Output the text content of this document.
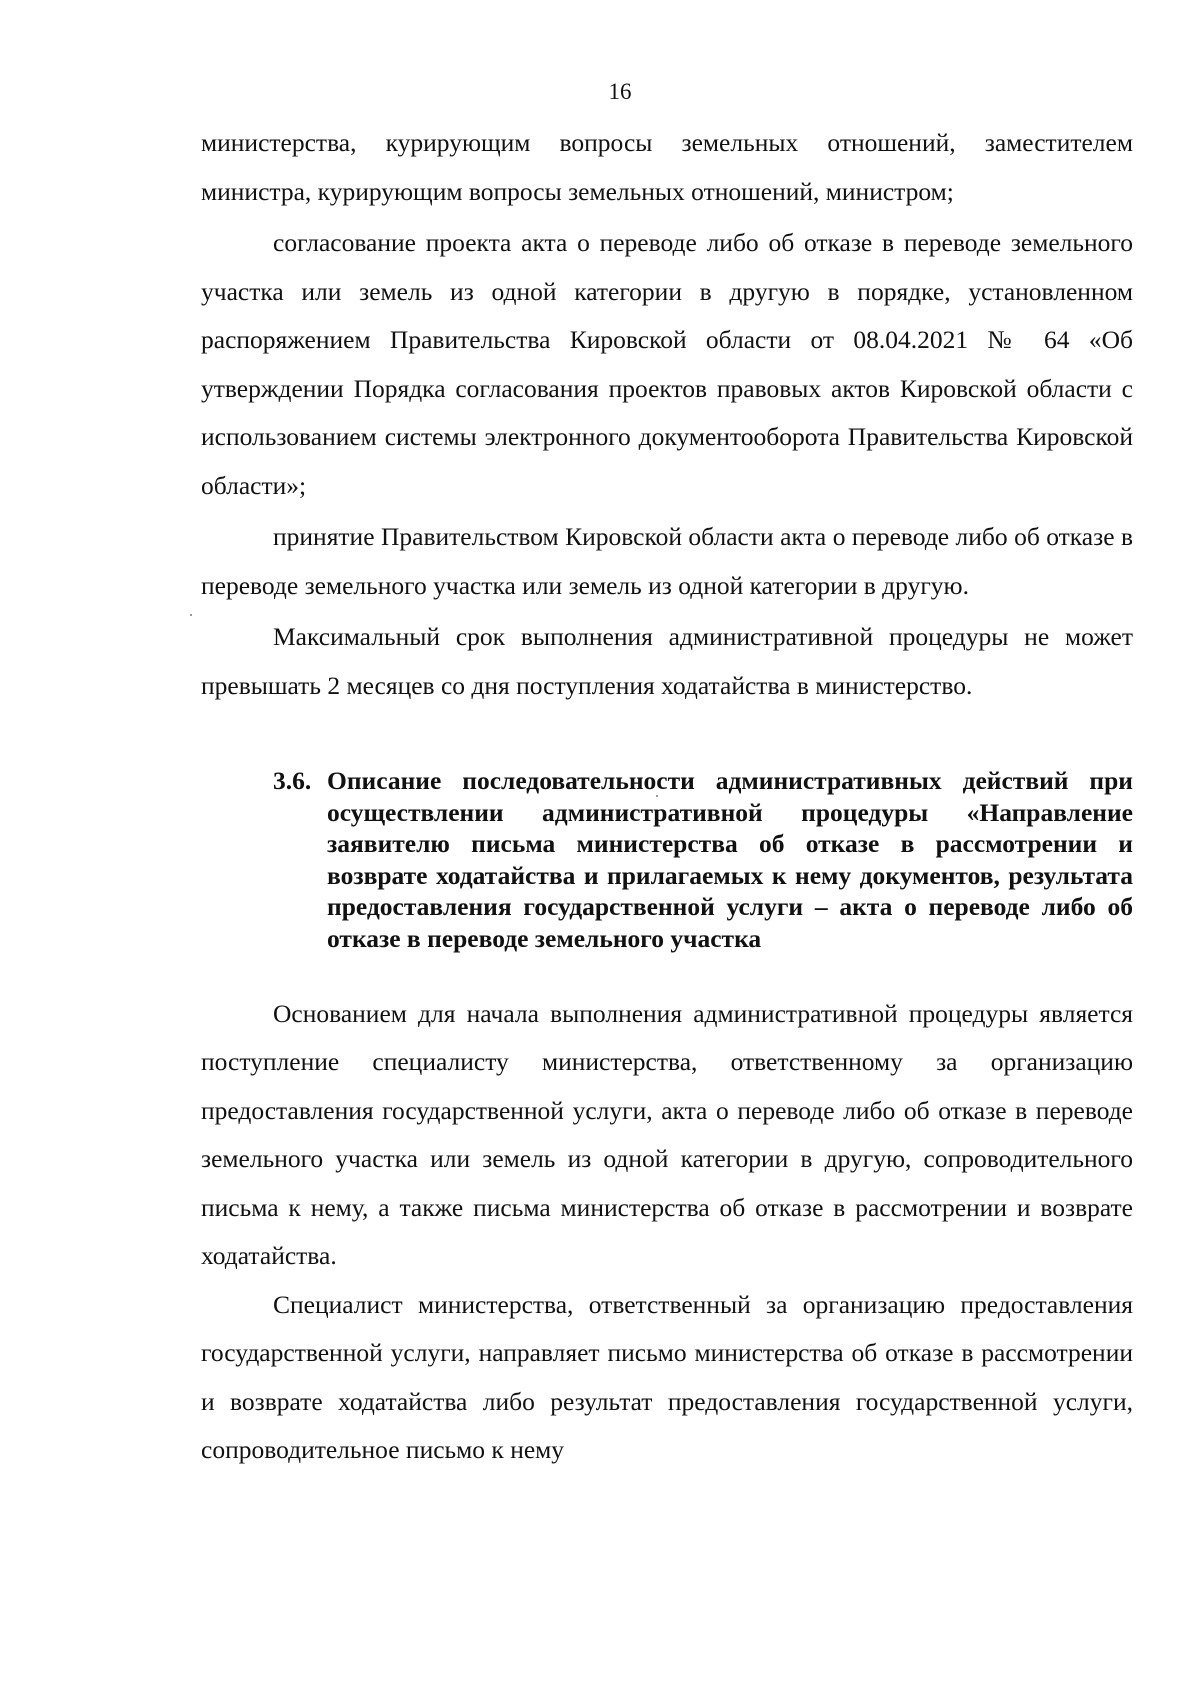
16

министерства, курирующим вопросы земельных отношений, заместителем министра, курирующим вопросы земельных отношений, министром;

согласование проекта акта о переводе либо об отказе в переводе земельного участка или земель из одной категории в другую в порядке, установленном распоряжением Правительства Кировской области от 08.04.2021 № 64 «Об утверждении Порядка согласования проектов правовых актов Кировской области с использованием системы электронного документооборота Правительства Кировской области»;

принятие Правительством Кировской области акта о переводе либо об отказе в переводе земельного участка или земель из одной категории в другую.

Максимальный срок выполнения административной процедуры не может превышать 2 месяцев со дня поступления ходатайства в министерство.

3.6. Описание последовательности административных действий при осуществлении административной процедуры «Направление заявителю письма министерства об отказе в рассмотрении и возврате ходатайства и прилагаемых к нему документов, результата предоставления государственной услуги – акта о переводе либо об отказе в переводе земельного участка

Основанием для начала выполнения административной процедуры является поступление специалисту министерства, ответственному за организацию предоставления государственной услуги, акта о переводе либо об отказе в переводе земельного участка или земель из одной категории в другую, сопроводительного письма к нему, а также письма министерства об отказе в рассмотрении и возврате ходатайства.

Специалист министерства, ответственный за организацию предоставления государственной услуги, направляет письмо министерства об отказе в рассмотрении и возврате ходатайства либо результат предоставления государственной услуги, сопроводительное письмо к нему
